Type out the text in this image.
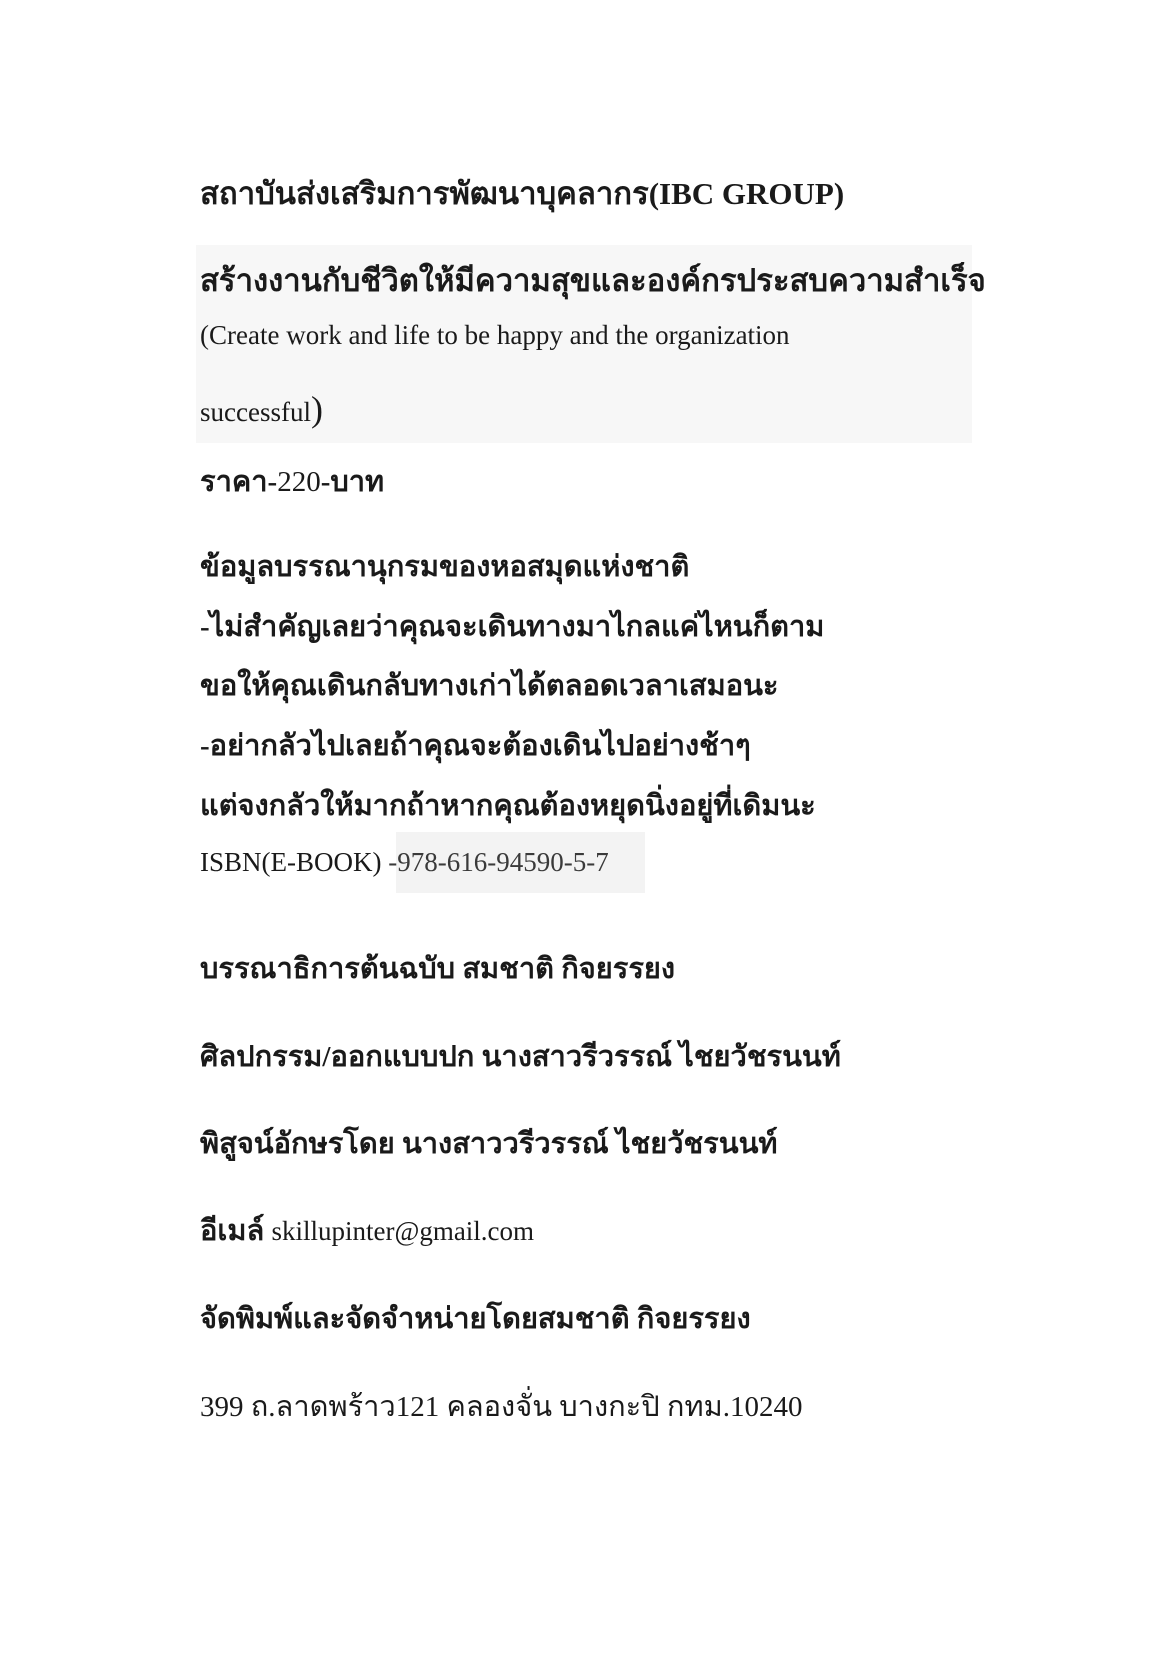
สถาบันส่งเสริมการพัฒนาบุคลากร(IBC GROUP)
สร้างงานกับชีวิตให้มีความสุขและองค์กรประสบความสำเร็จ
(Create work and life to be happy and the organization
successful)
ราคา-220-บาท
ข้อมูลบรรณานุกรมของหอสมุดแห่งชาติ
-ไม่สำคัญเลยว่าคุณจะเดินทางมาไกลแค่ไหนก็ตาม
ขอให้คุณเดินกลับทางเก่าได้ตลอดเวลาเสมอนะ
-อย่ากลัวไปเลยถ้าคุณจะต้องเดินไปอย่างช้าๆ
แต่จงกลัวให้มากถ้าหากคุณต้องหยุดนิ่งอยู่ที่เดิมนะ
ISBN(E-BOOK) -978-616-94590-5-7
บรรณาธิการต้นฉบับ สมชาติ กิจยรรยง
ศิลปกรรม/ออกแบบปก นางสาวรีวรรณ์ ไชยวัชรนนท์
พิสูจน์อักษรโดย นางสาววรีวรรณ์ ไชยวัชรนนท์
อีเมล์ skillupinter@gmail.com
จัดพิมพ์และจัดจำหน่ายโดยสมชาติ กิจยรรยง
399 ถ.ลาดพร้าว121 คลองจั่น บางกะปิ กทม.10240
